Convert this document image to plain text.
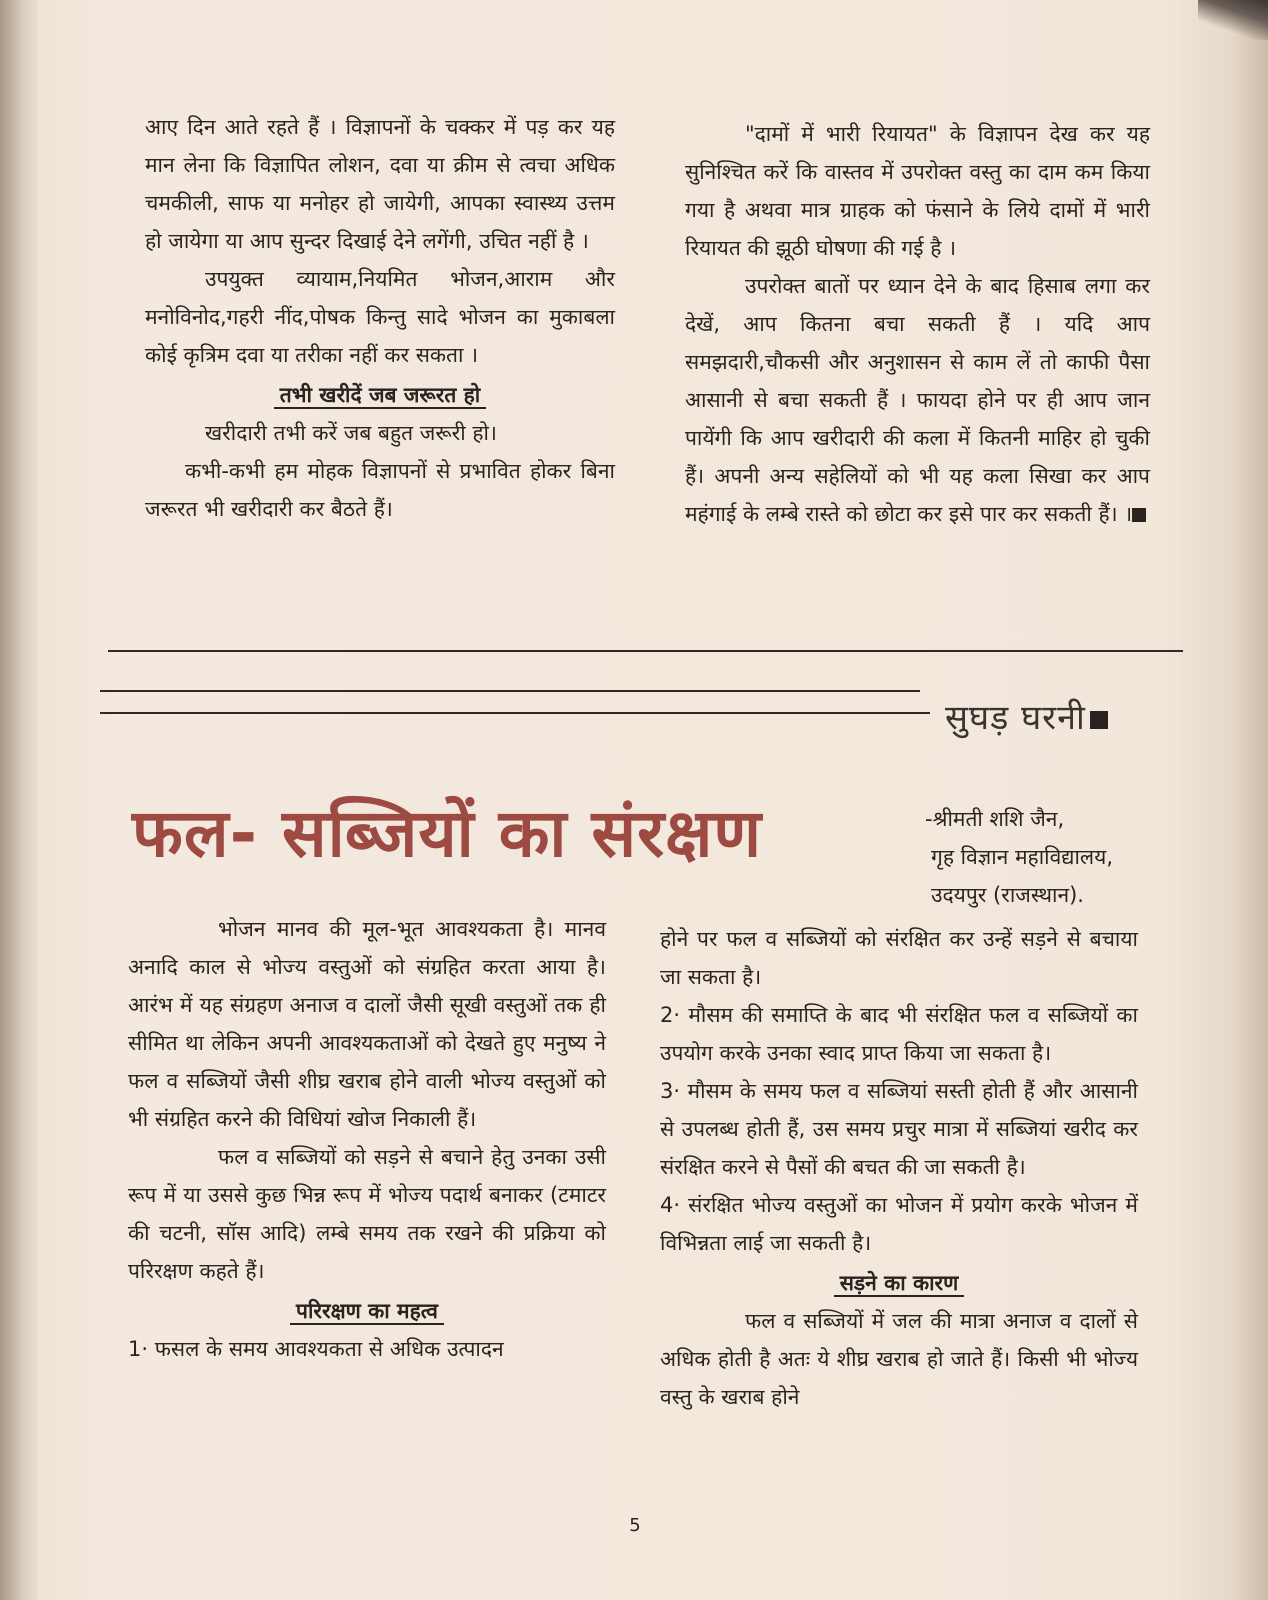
आए दिन आते रहते हैं । विज्ञापनों के चक्कर में पड़ कर यह मान लेना कि विज्ञापित लोशन, दवा या क्रीम से त्वचा अधिक चमकीली, साफ या मनोहर हो जायेगी, आपका स्वास्थ्य उत्तम हो जायेगा या आप सुन्दर दिखाई देने लगेंगी, उचित नहीं है ।

उपयुक्त व्यायाम,नियमित भोजन,आराम और मनोविनोद,गहरी नींद,पोषक किन्तु सादे भोजन का मुकाबला कोई कृत्रिम दवा या तरीका नहीं कर सकता ।

तभी खरीदें जब जरूरत हो

खरीदारी तभी करें जब बहुत जरूरी हो।

कभी-कभी हम मोहक विज्ञापनों से प्रभावित होकर बिना जरूरत भी खरीदारी कर बैठते हैं।

"दामों में भारी रियायत" के विज्ञापन देख कर यह सुनिश्चित करें कि वास्तव में उपरोक्त वस्तु का दाम कम किया गया है अथवा मात्र ग्राहक को फंसाने के लिये दामों में भारी रियायत की झूठी घोषणा की गई है ।

उपरोक्त बातों पर ध्यान देने के बाद हिसाब लगा कर देखें, आप कितना बचा सकती हैं । यदि आप समझदारी,चौकसी और अनुशासन से काम लें तो काफी पैसा आसानी से बचा सकती हैं । फायदा होने पर ही आप जान पायेंगी कि आप खरीदारी की कला में कितनी माहिर हो चुकी हैं। अपनी अन्य सहेलियों को भी यह कला सिखा कर आप महंगाई के लम्बे रास्ते को छोटा कर इसे पार कर सकती हैं। ।

सुघड़ घरनी
फल- सब्जियों का संरक्षण	-श्रीमती शशि जैन,
गृह विज्ञान महाविद्यालय,
उदयपुर (राजस्थान).

भोजन मानव की मूल-भूत आवश्यकता है। मानव अनादि काल से भोज्य वस्तुओं को संग्रहित करता आया है। आरंभ में यह संग्रहण अनाज व दालों जैसी सूखी वस्तुओं तक ही सीमित था लेकिन अपनी आवश्यकताओं को देखते हुए मनुष्य ने फल व सब्जियों जैसी शीघ्र खराब होने वाली भोज्य वस्तुओं को भी संग्रहित करने की विधियां खोज निकाली हैं।

फल व सब्जियों को सड़ने से बचाने हेतु उनका उसी रूप में या उससे कुछ भिन्न रूप में भोज्य पदार्थ बनाकर (टमाटर की चटनी, सॉस आदि) लम्बे समय तक रखने की प्रक्रिया को परिरक्षण कहते हैं।

परिरक्षण का महत्व

1· फसल के समय आवश्यकता से अधिक उत्पादन

होने पर फल व सब्जियों को संरक्षित कर उन्हें सड़ने से बचाया जा सकता है।

2· मौसम की समाप्ति के बाद भी संरक्षित फल व सब्जियों का उपयोग करके उनका स्वाद प्राप्त किया जा सकता है।

3· मौसम के समय फल व सब्जियां सस्ती होती हैं और आसानी से उपलब्ध होती हैं, उस समय प्रचुर मात्रा में सब्जियां खरीद कर संरक्षित करने से पैसों की बचत की जा सकती है।

4· संरक्षित भोज्य वस्तुओं का भोजन में प्रयोग करके भोजन में विभिन्नता लाई जा सकती है।

सड़ने का कारण

फल व सब्जियों में जल की मात्रा अनाज व दालों से अधिक होती है अतः ये शीघ्र खराब हो जाते हैं। किसी भी भोज्य वस्तु के खराब होने

5
